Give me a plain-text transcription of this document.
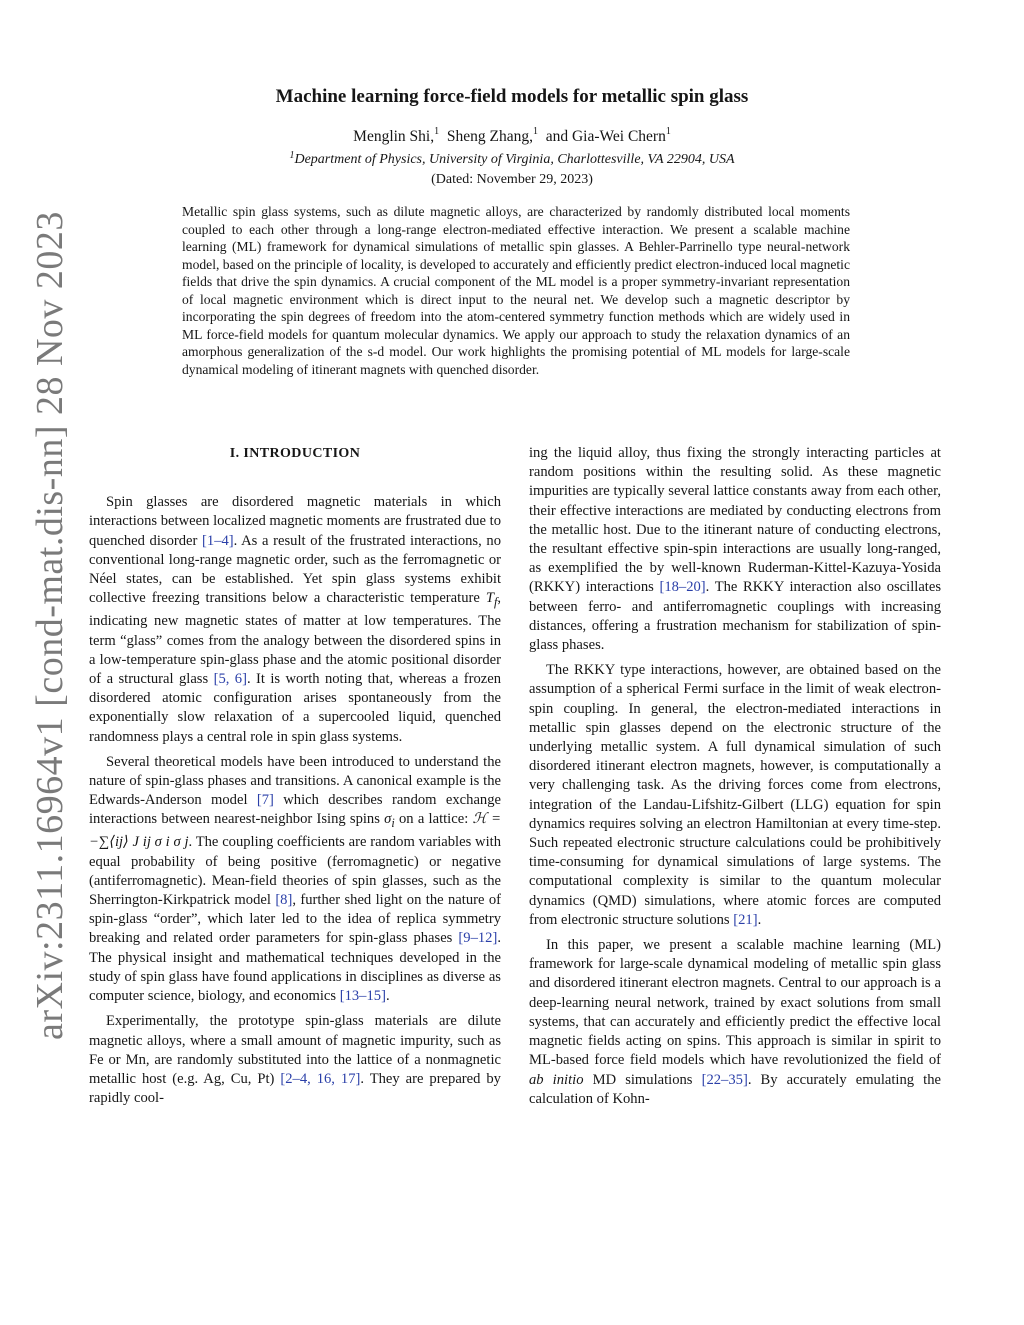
arXiv:2311.16964v1 [cond-mat.dis-nn] 28 Nov 2023
Machine learning force-field models for metallic spin glass
Menglin Shi,$^1$ Sheng Zhang,$^1$ and Gia-Wei Chern$^1$
$^1$Department of Physics, University of Virginia, Charlottesville, VA 22904, USA
(Dated: November 29, 2023)
Metallic spin glass systems, such as dilute magnetic alloys, are characterized by randomly distributed local moments coupled to each other through a long-range electron-mediated effective interaction. We present a scalable machine learning (ML) framework for dynamical simulations of metallic spin glasses. A Behler-Parrinello type neural-network model, based on the principle of locality, is developed to accurately and efficiently predict electron-induced local magnetic fields that drive the spin dynamics. A crucial component of the ML model is a proper symmetry-invariant representation of local magnetic environment which is direct input to the neural net. We develop such a magnetic descriptor by incorporating the spin degrees of freedom into the atom-centered symmetry function methods which are widely used in ML force-field models for quantum molecular dynamics. We apply our approach to study the relaxation dynamics of an amorphous generalization of the s-d model. Our work highlights the promising potential of ML models for large-scale dynamical modeling of itinerant magnets with quenched disorder.
I. INTRODUCTION

Spin glasses are disordered magnetic materials in which interactions between localized magnetic moments are frustrated due to quenched disorder [1–4]. As a result of the frustrated interactions, no conventional long-range magnetic order, such as the ferromagnetic or Néel states, can be established. Yet spin glass systems exhibit collective freezing transitions below a characteristic temperature $T_f$, indicating new magnetic states of matter at low temperatures. The term “glass” comes from the analogy between the disordered spins in a low-temperature spin-glass phase and the atomic positional disorder of a structural glass [5, 6]. It is worth noting that, whereas a frozen disordered atomic configuration arises spontaneously from the exponentially slow relaxation of a supercooled liquid, quenched randomness plays a central role in spin glass systems.

Several theoretical models have been introduced to understand the nature of spin-glass phases and transitions. A canonical example is the Edwards-Anderson model [7] which describes random exchange interactions between nearest-neighbor Ising spins $\sigma_i$ on a lattice: ℋ = −∑⟨ij⟩ J ij σ i σ j. The coupling coefficients are random variables with equal probability of being positive (ferromagnetic) or negative (antiferromagnetic). Mean-field theories of spin glasses, such as the Sherrington-Kirkpatrick model [8], further shed light on the nature of spin-glass “order”, which later led to the idea of replica symmetry breaking and related order parameters for spin-glass phases [9–12]. The physical insight and mathematical techniques developed in the study of spin glass have found applications in disciplines as diverse as computer science, biology, and economics [13–15].

Experimentally, the prototype spin-glass materials are dilute magnetic alloys, where a small amount of magnetic impurity, such as Fe or Mn, are randomly substituted into the lattice of a nonmagnetic metallic host (e.g. Ag, Cu, Pt) [2–4, 16, 17]. They are prepared by rapidly cool-

ing the liquid alloy, thus fixing the strongly interacting particles at random positions within the resulting solid. As these magnetic impurities are typically several lattice constants away from each other, their effective interactions are mediated by conducting electrons from the metallic host. Due to the itinerant nature of conducting electrons, the resultant effective spin-spin interactions are usually long-ranged, as exemplified the by well-known Ruderman-Kittel-Kazuya-Yosida (RKKY) interactions [18–20]. The RKKY interaction also oscillates between ferro- and antiferromagnetic couplings with increasing distances, offering a frustration mechanism for stabilization of spin-glass phases.

The RKKY type interactions, however, are obtained based on the assumption of a spherical Fermi surface in the limit of weak electron-spin coupling. In general, the electron-mediated interactions in metallic spin glasses depend on the electronic structure of the underlying metallic system. A full dynamical simulation of such disordered itinerant electron magnets, however, is computationally a very challenging task. As the driving forces come from electrons, integration of the Landau-Lifshitz-Gilbert (LLG) equation for spin dynamics requires solving an electron Hamiltonian at every time-step. Such repeated electronic structure calculations could be prohibitively time-consuming for dynamical simulations of large systems. The computational complexity is similar to the quantum molecular dynamics (QMD) simulations, where atomic forces are computed from electronic structure solutions [21].

In this paper, we present a scalable machine learning (ML) framework for large-scale dynamical modeling of metallic spin glass and disordered itinerant electron magnets. Central to our approach is a deep-learning neural network, trained by exact solutions from small systems, that can accurately and efficiently predict the effective local magnetic fields acting on spins. This approach is similar in spirit to ML-based force field models which have revolutionized the field of ab initio MD simulations [22–35]. By accurately emulating the calculation of Kohn-
